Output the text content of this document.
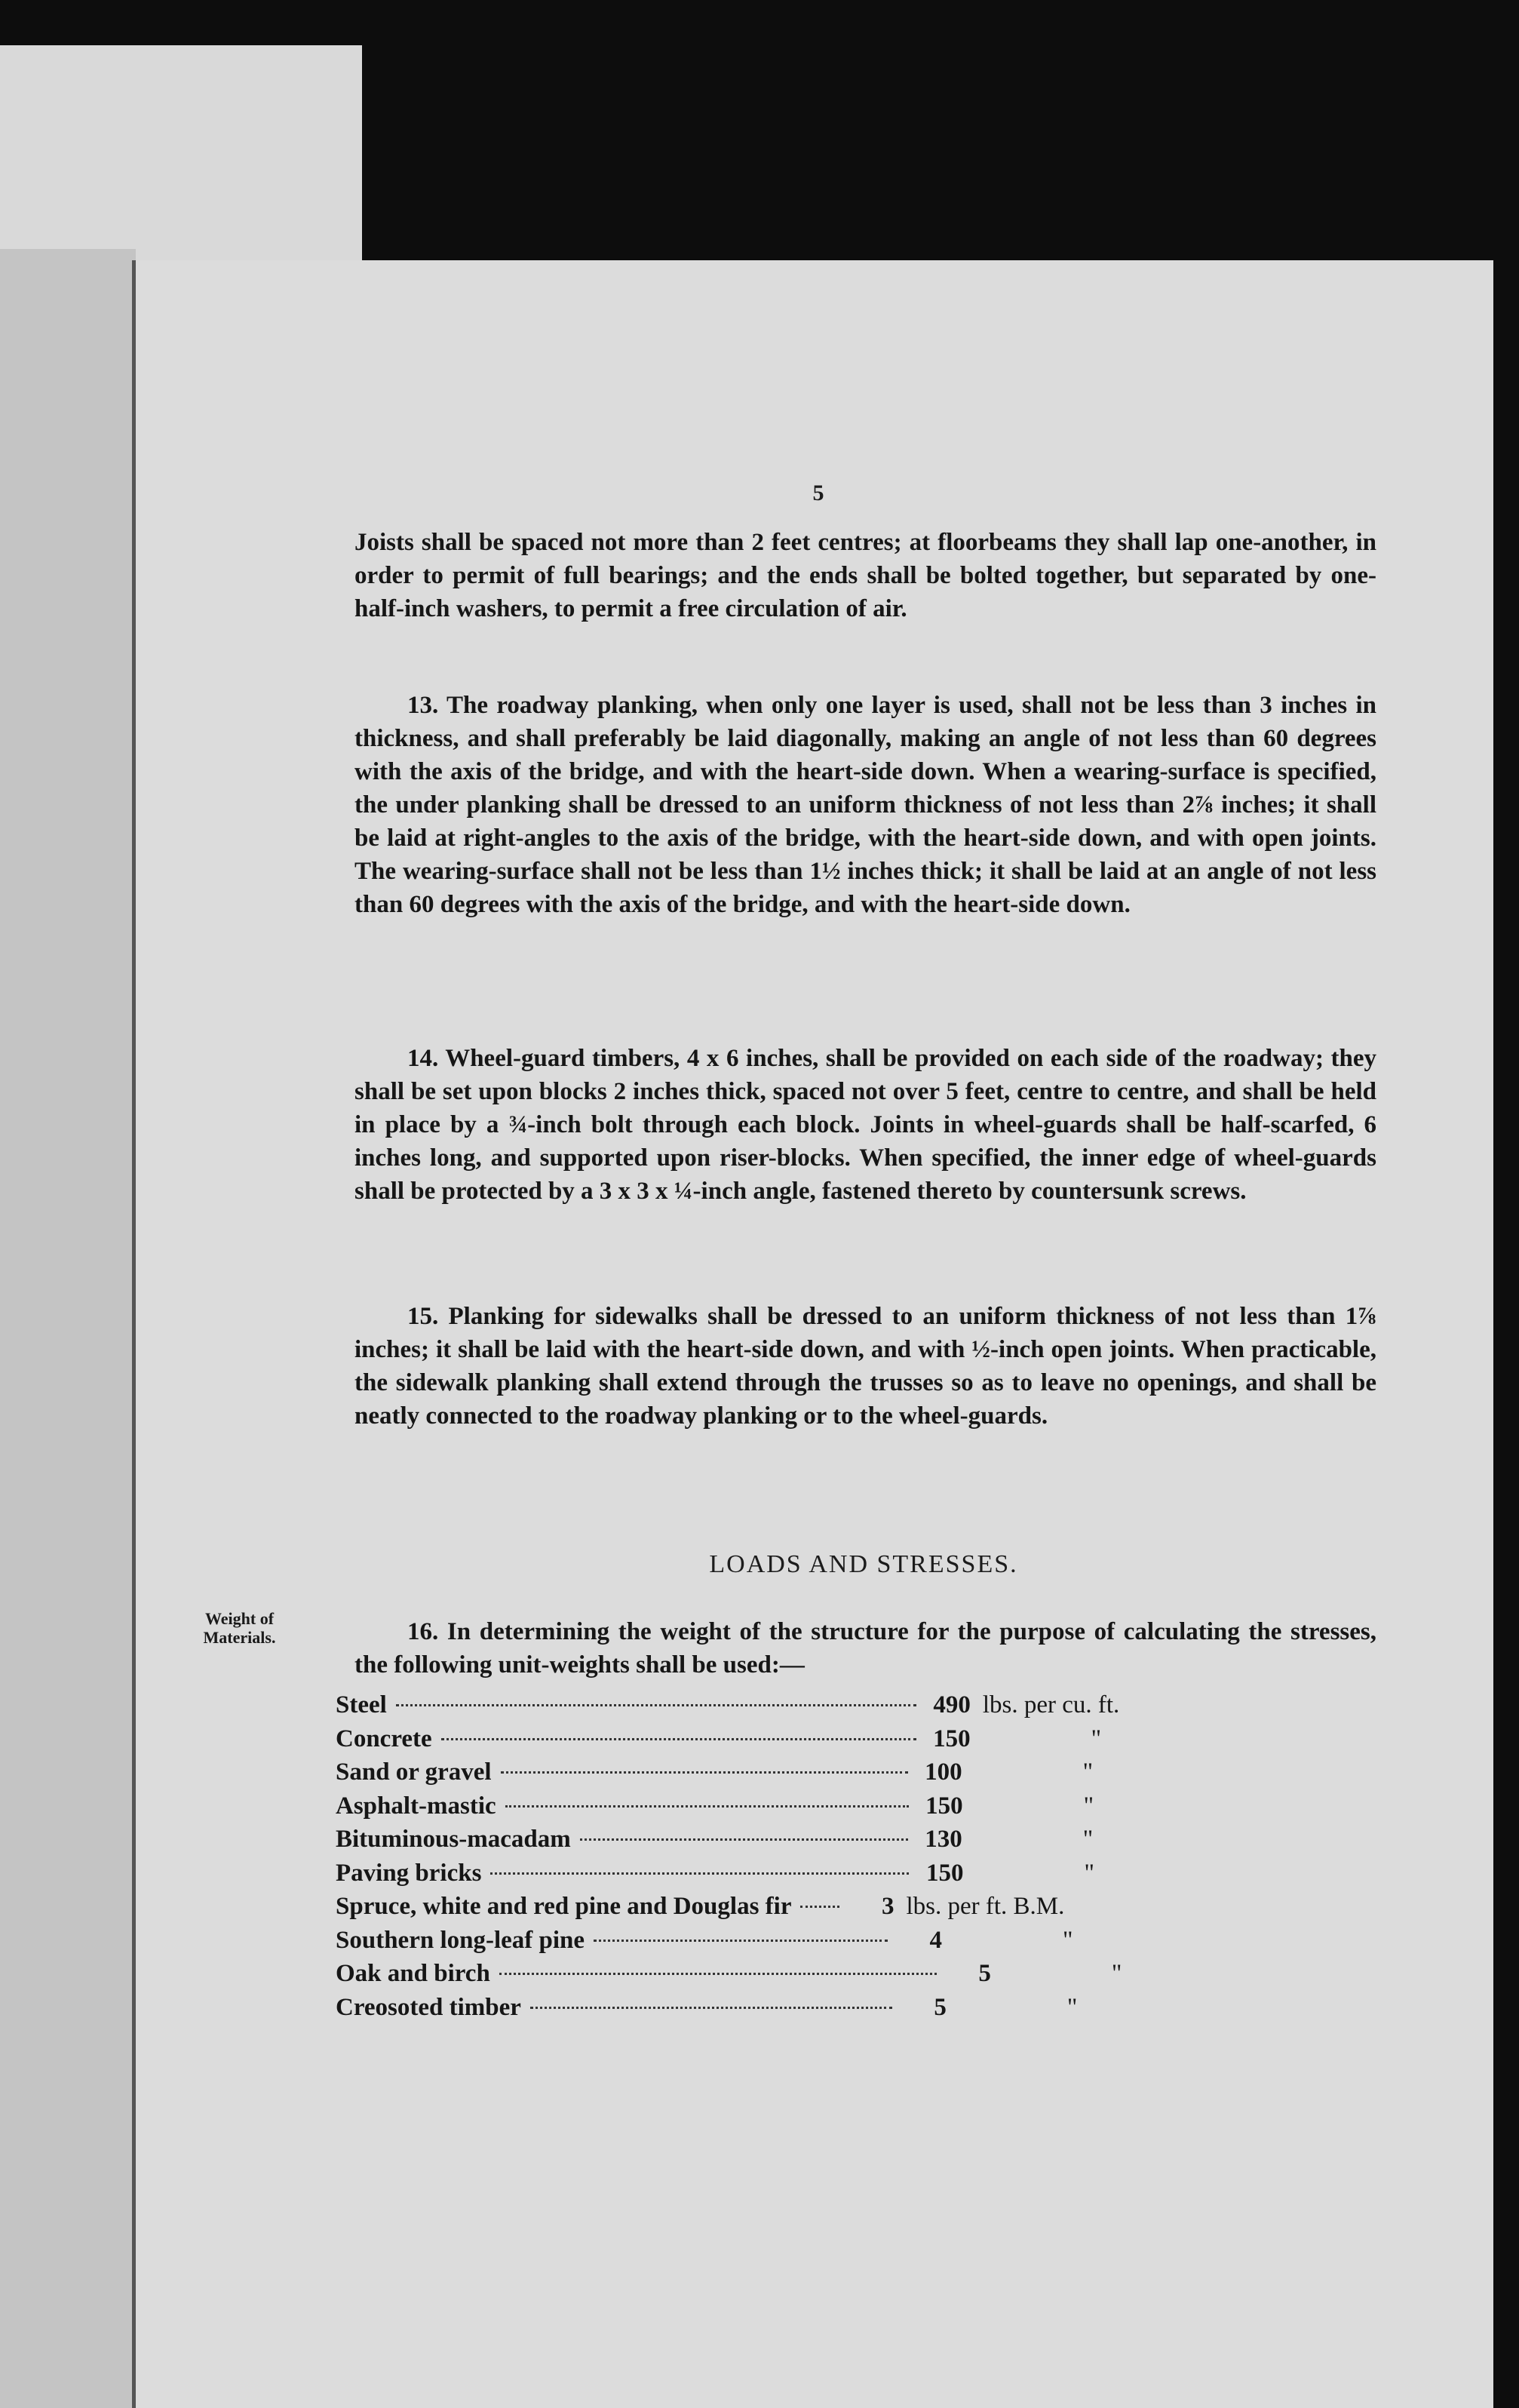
5

Joists shall be spaced not more than 2 feet centres; at floorbeams they shall lap one-another, in order to permit of full bearings; and the ends shall be bolted together, but separated by one-half-inch washers, to permit a free circulation of air.

13. The roadway planking, when only one layer is used, shall not be less than 3 inches in thickness, and shall preferably be laid diagonally, making an angle of not less than 60 degrees with the axis of the bridge, and with the heart-side down. When a wearing-surface is specified, the under planking shall be dressed to an uniform thickness of not less than 2⅞ inches; it shall be laid at right-angles to the axis of the bridge, with the heart-side down, and with open joints. The wearing-surface shall not be less than 1½ inches thick; it shall be laid at an angle of not less than 60 degrees with the axis of the bridge, and with the heart-side down.

14. Wheel-guard timbers, 4 x 6 inches, shall be provided on each side of the roadway; they shall be set upon blocks 2 inches thick, spaced not over 5 feet, centre to centre, and shall be held in place by a ¾-inch bolt through each block. Joints in wheel-guards shall be half-scarfed, 6 inches long, and supported upon riser-blocks. When specified, the inner edge of wheel-guards shall be protected by a 3 x 3 x ¼-inch angle, fastened thereto by countersunk screws.

15. Planking for sidewalks shall be dressed to an uniform thickness of not less than 1⅞ inches; it shall be laid with the heart-side down, and with ½-inch open joints. When practicable, the sidewalk planking shall extend through the trusses so as to leave no openings, and shall be neatly connected to the roadway planking or to the wheel-guards.

LOADS AND STRESSES.
Weight of Materials.	16. In determining the weight of the structure for the purpose of calculating the stresses, the following unit-weights shall be used:—

Steel	490 lbs. per cu. ft.
Concrete	150	"
Sand or gravel	100	"
Asphalt-mastic	150	"
Bituminous-macadam	130	"
Paving bricks	150	"
Spruce, white and red pine and Douglas fir	3 lbs. per ft. B.M.
Southern long-leaf pine	4	"
Oak and birch	5	"
Creosoted timber	5	"
